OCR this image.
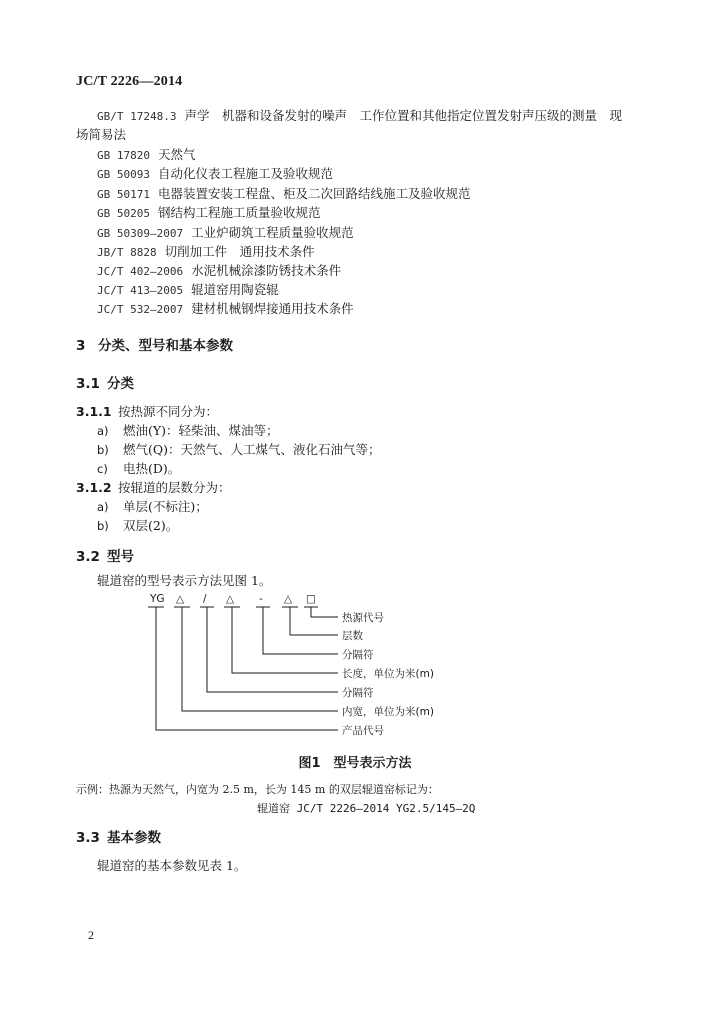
JC/T 2226—2014
GB/T 17248.3 声学　机器和设备发射的噪声　工作位置和其他指定位置发射声压级的测量　现
场简易法
GB 17820 天然气
GB 50093 自动化仪表工程施工及验收规范
GB 50171 电器装置安装工程盘、柜及二次回路结线施工及验收规范
GB 50205 钢结构工程施工质量验收规范
GB 50309—2007 工业炉砌筑工程质量验收规范
JB/T 8828 切削加工件　通用技术条件
JC/T 402—2006 水泥机械涂漆防锈技术条件
JC/T 413—2005 辊道窑用陶瓷辊
JC/T 532—2007 建材机械钢焊接通用技术条件
3 分类、型号和基本参数
3.1 分类
3.1.1 按热源不同分为：
a) 燃油(Y)：轻柴油、煤油等；
b) 燃气(Q)：天然气、人工煤气、液化石油气等；
c) 电热(D)。
3.1.2 按辊道的层数分为：
a) 单层(不标注)；
b) 双层(2)。
3.2 型号
辊道窑的型号表示方法见图 1。
YG △ / △ - △ □
热源代号
层数
分隔符
长度，单位为米(m)
分隔符
内宽，单位为米(m)
产品代号
图1　型号表示方法
示例：热源为天然气，内宽为 2.5 m，长为 145 m 的双层辊道窑标记为：
辊道窑 JC/T 2226—2014 YG2.5/145—2Q
3.3 基本参数
辊道窑的基本参数见表 1。
2
